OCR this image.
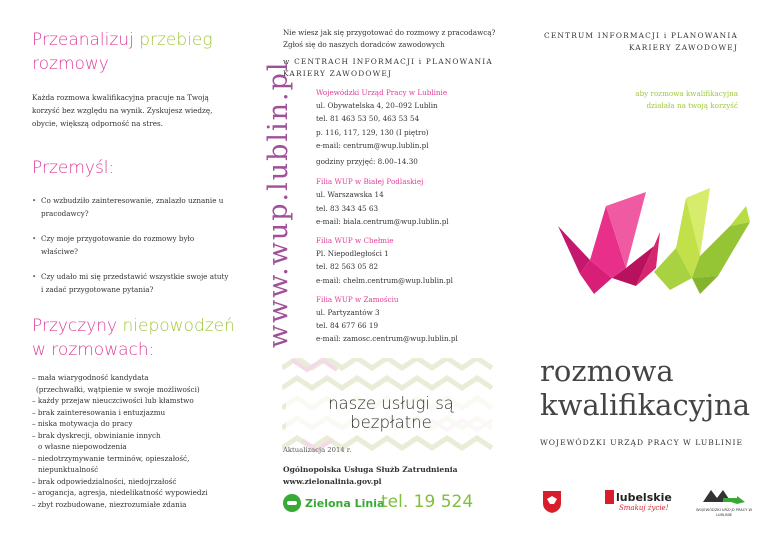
Przeanalizuj przebieg
rozmowy
Każda rozmowa kwalifikacyjna pracuje na Twoją korzyść bez względu na wynik. Zyskujesz wiedzę, obycie, większą odporność na stres.
Przemyśl:
• Co wzbudziło zainteresowanie, znalazło uznanie u pracodawcy?
• Czy moje przygotowanie do rozmowy było właściwe?
• Czy udało mi się przedstawić wszystkie swoje atuty i zadać przygotowane pytania?
Przyczyny niepowodzeń
w rozmowach:
– mała wiarygodność kandydata
(przechwałki, wątpienie w swoje możliwości)
– każdy przejaw nieuczciwości lub kłamstwo
– brak zainteresowania i entuzjazmu
– niska motywacja do pracy
– brak dyskrecji, obwinianie innych
o własne niepowodzenia
– niedotrzymywanie terminów, opieszałość,
niepunktualność
– brak odpowiedzialności, niedojrzałość
– arogancja, agresja, niedelikatność wypowiedzi
– zbyt rozbudowane, niezrozumiałe zdania
www.wup.lublin.pl
Nie wiesz jak się przygotować do rozmowy z pracodawcą?
Zgłoś się do naszych doradców zawodowych
w CENTRACH INFORMACJI i PLANOWANIA
KARIERY ZAWODOWEJ
Wojewódzki Urząd Pracy w Lublinie
ul. Obywatelska 4, 20–092 Lublin
tel. 81 463 53 50, 463 53 54
p. 116, 117, 129, 130 (I piętro)
e-mail: centrum@wup.lublin.pl
godziny przyjęć: 8.00–14.30
Filia WUP w Białej Podlaskiej
ul. Warszawska 14
tel. 83 343 45 63
e-mail: biala.centrum@wup.lublin.pl
Filia WUP w Chełmie
Pl. Niepodległości 1
tel. 82 563 05 82
e-mail: chelm.centrum@wup.lublin.pl
Filia WUP w Zamościu
ul. Partyzantów 3
tel. 84 677 66 19
e-mail: zamosc.centrum@wup.lublin.pl
nasze usługi są bezpłatne
Aktualizacja 2014 r.
Ogólnopolska Usługa Służb Zatrudnienia
www.zielonalinia.gov.pl
Zielona Linia
tel. 19 524
CENTRUM INFORMACJI i PLANOWANIA
KARIERY ZAWODOWEJ
aby rozmowa kwalifikacyjna
działała na twoją korzyść
rozmowa
kwalifikacyjna
WOJEWÓDZKI URZĄD PRACY W LUBLINIE
lubelskie
Smakuj życie!	WOJEWÓDZKI URZĄD PRACY W LUBLINIE
